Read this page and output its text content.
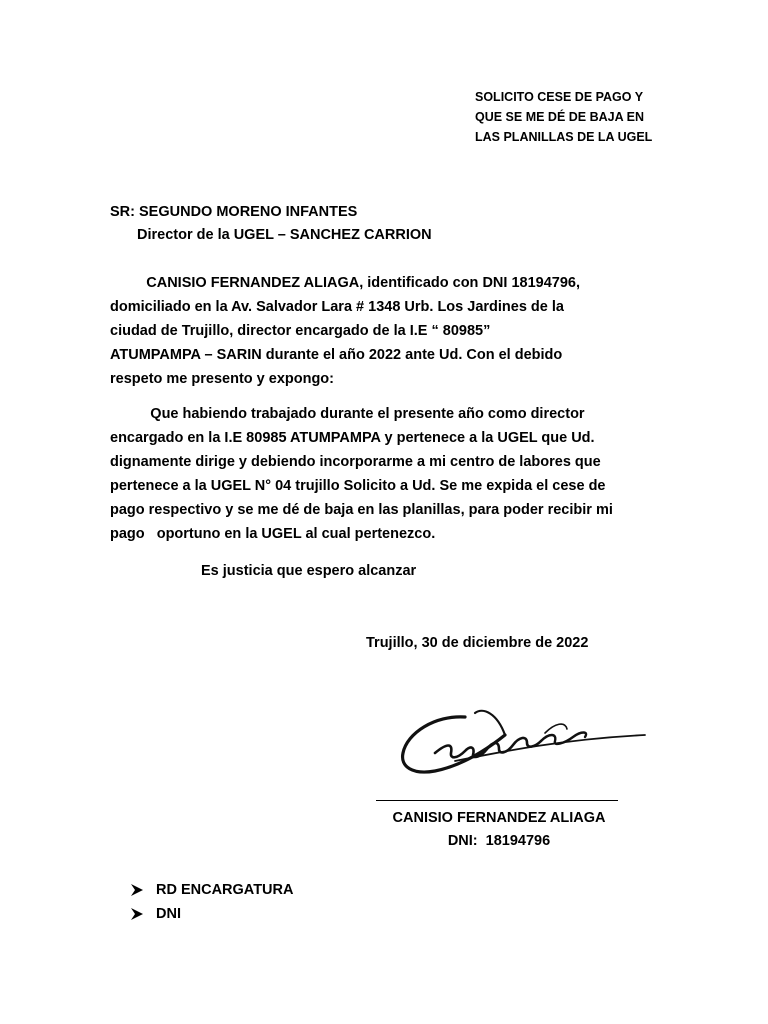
SOLICITO CESE DE PAGO Y
QUE SE ME DÉ DE BAJA EN
LAS PLANILLAS DE LA UGEL
SR: SEGUNDO MORENO INFANTES
Director de la UGEL – SANCHEZ CARRION
CANISIO FERNANDEZ ALIAGA, identificado con DNI 18194796,
domiciliado en la Av. Salvador Lara # 1348 Urb. Los Jardines de la
ciudad de Trujillo, director encargado de la I.E “ 80985”
ATUMPAMPA – SARIN durante el año 2022 ante Ud. Con el debido
respeto me presento y expongo:
Que habiendo trabajado durante el presente año como director
encargado en la I.E 80985 ATUMPAMPA y pertenece a la UGEL que Ud.
dignamente dirige y debiendo incorporarme a mi centro de labores que
pertenece a la UGEL N° 04 trujillo Solicito a Ud. Se me expida el cese de
pago respectivo y se me dé de baja en las planillas, para poder recibir mi
pago   oportuno en la UGEL al cual pertenezco.
Es justicia que espero alcanzar
Trujillo, 30 de diciembre de 2022
CANISIO FERNANDEZ ALIAGA
DNI:  18194796
RD ENCARGATURA
DNI
